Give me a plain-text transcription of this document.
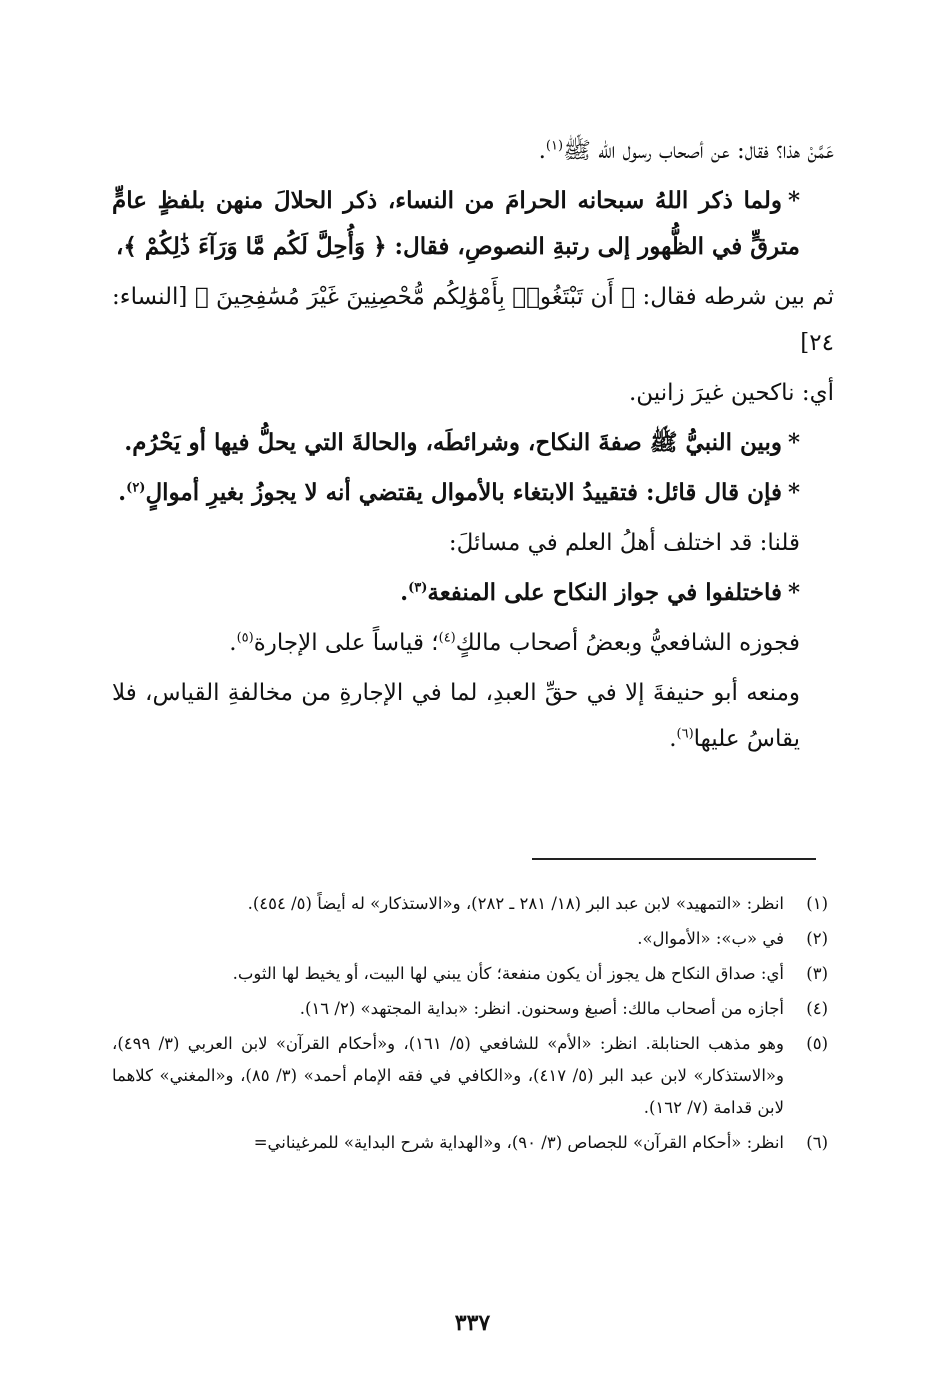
عَمَّنْ هذا؟ فقال: عن أصحاب رسول الله ﷺ$^{(١)}$.

*ولما ذكر اللهُ سبحانه الحرامَ من النساء، ذكر الحلالَ منهن بلفظٍ عامٍّ مترقٍّ في الظُّهور إلى رتبةِ النصوصِ، فقال: ﴿ وَأُحِلَّ لَكُم مَّا وَرَآءَ ذَٰلِكُمْ ﴾،

ثم بين شرطه فقال: ﴿ أَن تَبْتَغُوا۟ بِأَمْوَٰلِكُم مُّحْصِنِينَ غَيْرَ مُسَٰفِحِينَ ﴾ [النساء: ٢٤]

أي: ناكحين غيرَ زانين.

*وبين النبيُّ ﷺ صفةَ النكاح، وشرائطَه، والحالةَ التي يحلُّ فيها أو يَحْرُم.

*فإن قال قائل: فتقييدُ الابتغاء بالأموال يقتضي أنه لا يجوزُ بغيرِ أموالٍ$^{(٢)}$.

قلنا: قد اختلف أهلُ العلم في مسائلَ:

*فاختلفوا في جواز النكاح على المنفعة$^{(٣)}$.

فجوزه الشافعيُّ وبعضُ أصحاب مالكٍ$^{(٤)}$؛ قياساً على الإجارة$^{(٥)}$.

ومنعه أبو حنيفةَ إلا في حقِّ العبدِ، لما في الإجارةِ من مخالفةِ القياس، فلا يقاسُ عليها$^{(٦)}$.

(١)
انظر: «التمهيد» لابن عبد البر (١٨/ ٢٨١ ـ ٢٨٢)، و«الاستذكار» له أيضاً (٥/ ٤٥٤).
(٢)
في «ب»: «الأموال».
(٣)
أي: صداق النكاح هل يجوز أن يكون منفعة؛ كأن يبني لها البيت، أو يخيط لها الثوب.
(٤)
أجازه من أصحاب مالك: أصبغ وسحنون. انظر: «بداية المجتهد» (٢/ ١٦).
(٥)
وهو مذهب الحنابلة. انظر: «الأم» للشافعي (٥/ ١٦١)، و«أحكام القرآن» لابن العربي (٣/ ٤٩٩)، و«الاستذكار» لابن عبد البر (٥/ ٤١٧)، و«الكافي في فقه الإمام أحمد» (٣/ ٨٥)، و«المغني» كلاهما لابن قدامة (٧/ ١٦٢).
(٦)
انظر: «أحكام القرآن» للجصاص (٣/ ٩٠)، و«الهداية شرح البداية» للمرغيناني=
٣٣٧
